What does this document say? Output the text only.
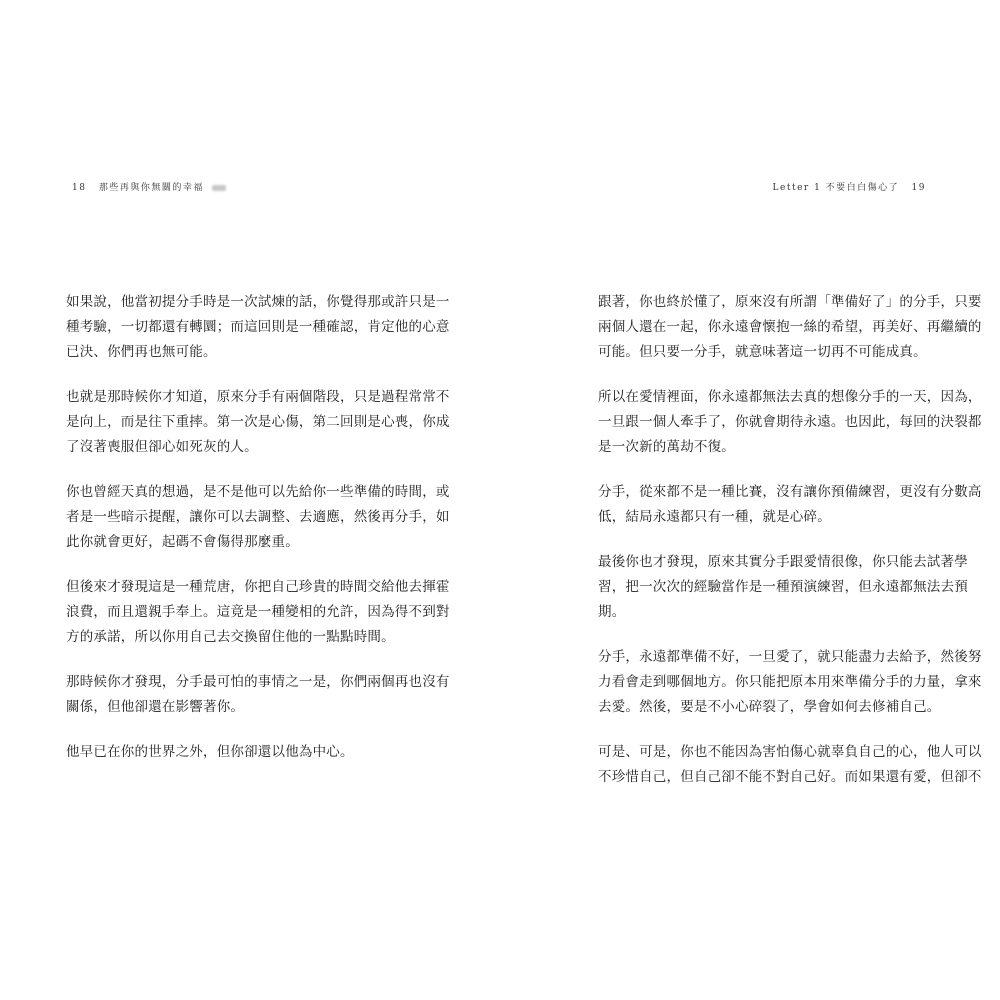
18 那些再與你無關的幸福	Letter 1 不要白白傷心了 19
如果說，他當初提分手時是一次試煉的話，你覺得那或許只是一
種考驗，一切都還有轉圜；而這回則是一種確認，肯定他的心意
已決、你們再也無可能。
也就是那時候你才知道，原來分手有兩個階段，只是過程常常不
是向上，而是往下重摔。第一次是心傷，第二回則是心喪，你成
了沒著喪服但卻心如死灰的人。
你也曾經天真的想過，是不是他可以先給你一些準備的時間，或
者是一些暗示提醒，讓你可以去調整、去適應，然後再分手，如
此你就會更好，起碼不會傷得那麼重。
但後來才發現這是一種荒唐，你把自己珍貴的時間交給他去揮霍
浪費，而且還親手奉上。這竟是一種變相的允許，因為得不到對
方的承諾，所以你用自己去交換留住他的一點點時間。
那時候你才發現，分手最可怕的事情之一是，你們兩個再也沒有
關係，但他卻還在影響著你。
他早已在你的世界之外，但你卻還以他為中心。
跟著，你也終於懂了，原來沒有所謂「準備好了」的分手，只要
兩個人還在一起，你永遠會懷抱一絲的希望，再美好、再繼續的
可能。但只要一分手，就意味著這一切再不可能成真。
所以在愛情裡面，你永遠都無法去真的想像分手的一天，因為，
一旦跟一個人牽手了，你就會期待永遠。也因此，每回的決裂都
是一次新的萬劫不復。
分手，從來都不是一種比賽，沒有讓你預備練習，更沒有分數高
低，結局永遠都只有一種，就是心碎。
最後你也才發現，原來其實分手跟愛情很像，你只能去試著學
習，把一次次的經驗當作是一種預演練習，但永遠都無法去預
期。
分手，永遠都準備不好，一旦愛了，就只能盡力去給予，然後努
力看會走到哪個地方。你只能把原本用來準備分手的力量，拿來
去愛。然後，要是不小心碎裂了，學會如何去修補自己。
可是、可是，你也不能因為害怕傷心就辜負自己的心，他人可以
不珍惜自己，但自己卻不能不對自己好。而如果還有愛，但卻不
